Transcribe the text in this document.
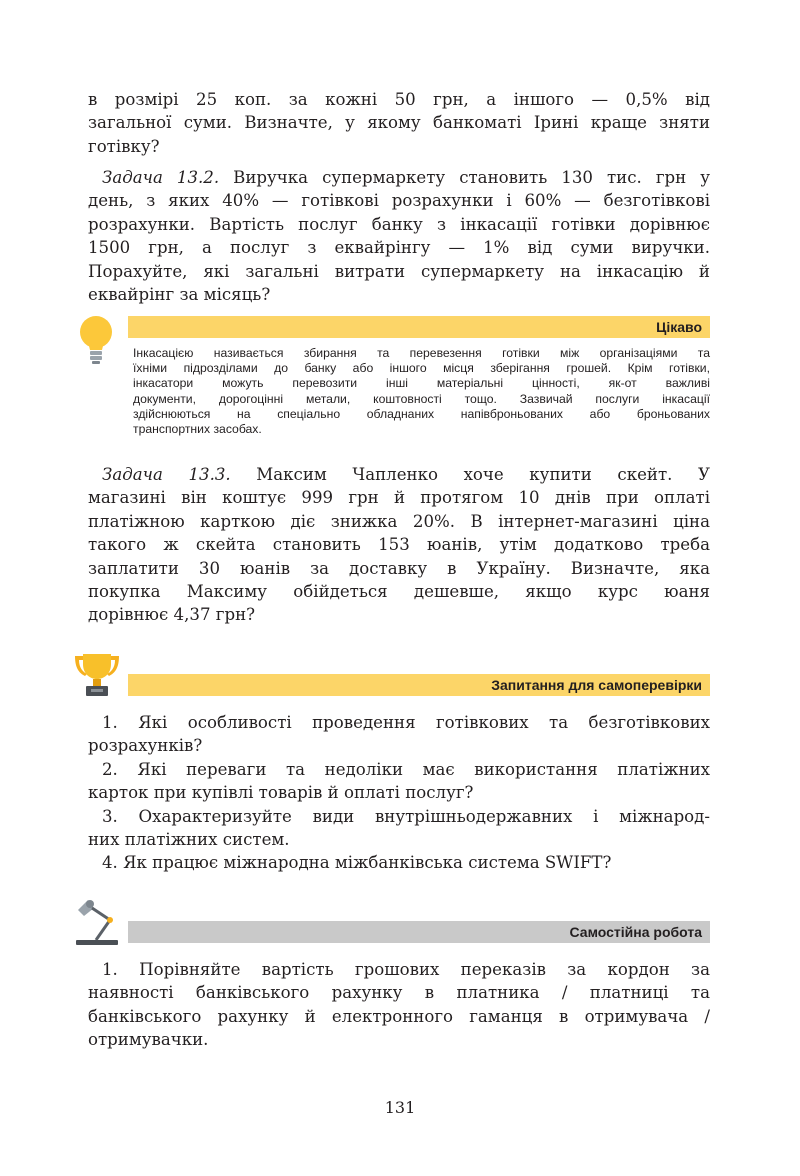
в розмірі 25 коп. за кожні 50 грн, а іншого — 0,5% від
загальної суми. Визначте, у якому банкоматі Ірині краще зняти
готівку?
Задача 13.2. Виручка супермаркету становить 130 тис. грн у
день, з яких 40% — готівкові розрахунки і 60% — безготівкові
розрахунки. Вартість послуг банку з інкасації готівки дорівнює
1500 грн, а послуг з еквайрінгу — 1% від суми виручки.
Порахуйте, які загальні витрати супермаркету на інкасацію й
еквайрінг за місяць?
Цікаво
Інкасацією називається збирання та перевезення готівки між організаціями та
їхніми підрозділами до банку або іншого місця зберігання грошей. Крім готівки,
інкасатори можуть перевозити інші матеріальні цінності, як-от важливі
документи, дорогоцінні метали, коштовності тощо. Зазвичай послуги інкасації
здійснюються на спеціально обладнаних напівброньованих або броньованих
транспортних засобах.
Задача 13.3. Максим Чапленко хоче купити скейт. У
магазині він коштує 999 грн й протягом 10 днів при оплаті
платіжною карткою діє знижка 20%. В інтернет-магазині ціна
такого ж скейта становить 153 юанів, утім додатково треба
заплатити 30 юанів за доставку в Україну. Визначте, яка
покупка Максиму обійдеться дешевше, якщо курс юаня
дорівнює 4,37 грн?
Запитання для самоперевірки
1. Які особливості проведення готівкових та безготівкових
розрахунків?
2. Які переваги та недоліки має використання платіжних
карток при купівлі товарів й оплаті послуг?
3. Охарактеризуйте види внутрішньодержавних і міжнарод-
них платіжних систем.
4. Як працює міжнародна міжбанківська система SWIFT?
Самостійна робота
1. Порівняйте вартість грошових переказів за кордон за
наявності банківського рахунку в платника / платниці та
банківського рахунку й електронного гаманця в отримувача /
отримувачки.
131
